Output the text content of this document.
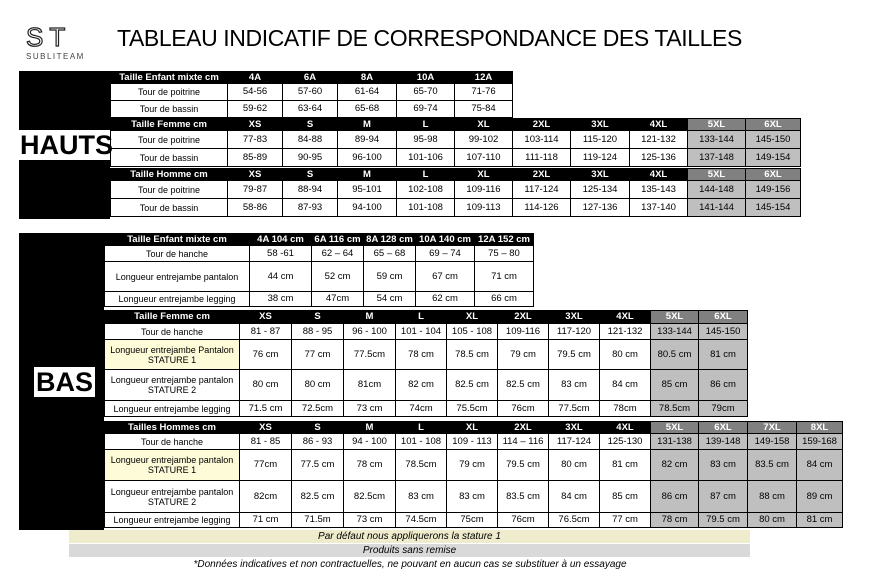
ST
SUBLITEAM
TABLEAU INDICATIF DE CORRESPONDANCE DES TAILLES
HAUTS
BAS
Taille Enfant mixte cm	4A	6A	8A	10A	12A
Tour de poitrine	54-56	57-60	61-64	65-70	71-76
Tour de bassin	59-62	63-64	65-68	69-74	75-84
Taille Femme cm	XS	S	M	L	XL	2XL	3XL	4XL	5XL	6XL
Tour de poitrine	77-83	84-88	89-94	95-98	99-102	103-114	115-120	121-132	133-144	145-150
Tour de bassin	85-89	90-95	96-100	101-106	107-110	111-118	119-124	125-136	137-148	149-154
Taille Homme cm	XS	S	M	L	XL	2XL	3XL	4XL	5XL	6XL
Tour de poitrine	79-87	88-94	95-101	102-108	109-116	117-124	125-134	135-143	144-148	149-156
Tour de bassin	58-86	87-93	94-100	101-108	109-113	114-126	127-136	137-140	141-144	145-154
Taille Enfant mixte cm	4A 104 cm	6A 116 cm	8A 128 cm	10A 140 cm	12A 152 cm
Tour de hanche	58 -61	62 – 64	65 – 68	69 – 74	75 – 80
Longueur entrejambe pantalon	44 cm	52 cm	59 cm	67 cm	71 cm
Longueur entrejambe legging	38 cm	47cm	54 cm	62 cm	66 cm
Taille Femme cm	XS	S	M	L	XL	2XL	3XL	4XL	5XL	6XL
Tour de hanche	81 - 87	88 - 95	96 - 100	101 - 104	105 - 108	109-116	117-120	121-132	133-144	145-150
Longueur entrejambe Pantalon STATURE 1	76 cm	77 cm	77.5cm	78 cm	78.5 cm	79 cm	79.5 cm	80 cm	80.5 cm	81 cm
Longueur entrejambe pantalon STATURE 2	80 cm	80 cm	81cm	82 cm	82.5 cm	82.5 cm	83 cm	84 cm	85 cm	86 cm
Longueur entrejambe legging	71.5 cm	72.5cm	73 cm	74cm	75.5cm	76cm	77.5cm	78cm	78.5cm	79cm
Tailles Hommes cm	XS	S	M	L	XL	2XL	3XL	4XL	5XL	6XL	7XL	8XL
Tour de hanche	81 - 85	86 - 93	94 - 100	101 - 108	109 - 113	114 – 116	117-124	125-130	131-138	139-148	149-158	159-168
Longueur entrejambe pantalon STATURE 1	77cm	77.5 cm	78 cm	78.5cm	79 cm	79.5 cm	80 cm	81 cm	82 cm	83 cm	83.5 cm	84 cm
Longueur entrejambe pantalon STATURE 2	82cm	82.5 cm	82.5cm	83 cm	83 cm	83.5 cm	84 cm	85 cm	86 cm	87 cm	88 cm	89 cm
Longueur entrejambe legging	71 cm	71.5m	73 cm	74.5cm	75cm	76cm	76.5cm	77 cm	78 cm	79.5 cm	80 cm	81 cm
Par défaut nous appliquerons la stature 1
Produits sans remise
*Données indicatives et non contractuelles, ne pouvant en aucun cas se substituer à un essayage
